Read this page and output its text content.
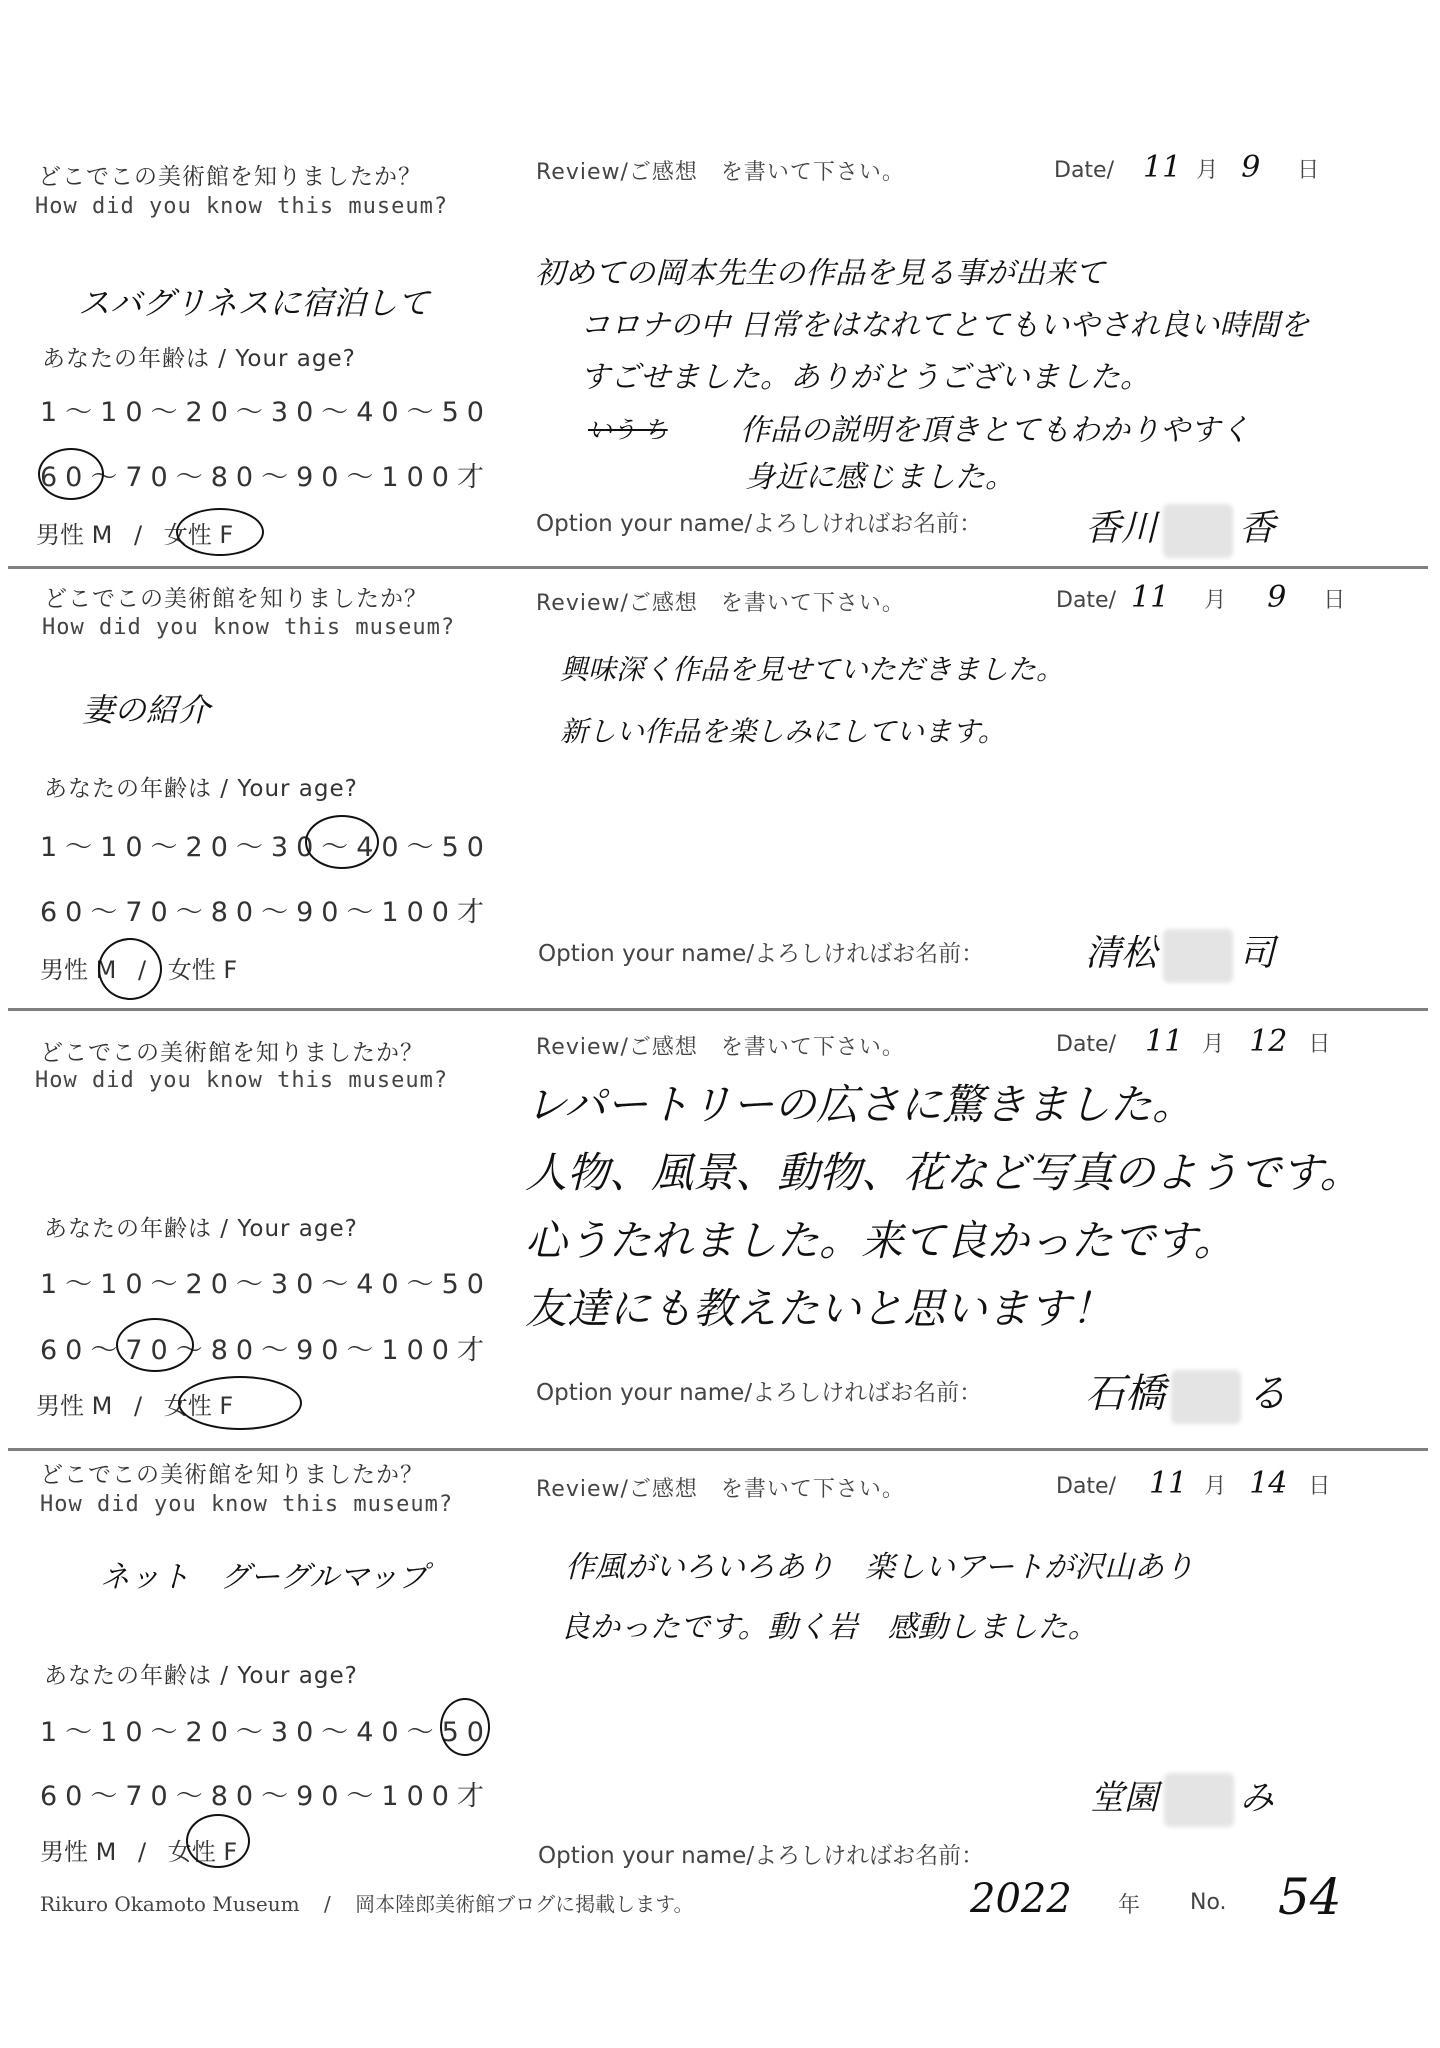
どこでこの美術館を知りましたか？
How did you know this museum?
スバグリネスに宿泊して
あなたの年齢は / Your age?
1〜10〜20〜30〜40〜50
60〜70〜80〜90〜100才
男性 M / 女性 F
Review/ご感想　を書いて下さい。	Date/ 11 月 9 日
初めての岡本先生の作品を見る事が出来て
コロナの中 日常をはなれてとてもいやされ良い時間を
すごせました。ありがとうございました。
いう ち 作品の説明を頂きとてもわかりやすく
身近に感じました。
Option your name/よろしければお名前：	香川 香
どこでこの美術館を知りましたか？
How did you know this museum?
妻の紹介
あなたの年齢は / Your age?
1〜10〜20〜30〜40〜50
60〜70〜80〜90〜100才
男性 M / 女性 F
Review/ご感想　を書いて下さい。	Date/ 11 月 9 日
興味深く作品を見せていただきました。
新しい作品を楽しみにしています。
Option your name/よろしければお名前：	清松 司
どこでこの美術館を知りましたか？
How did you know this museum?
あなたの年齢は / Your age?
1〜10〜20〜30〜40〜50
60〜70〜80〜90〜100才
男性 M / 女性 F
Review/ご感想　を書いて下さい。	Date/ 11 月 12 日
レパートリーの広さに驚きました。
人物、風景、動物、花など写真のようです。
心うたれました。来て良かったです。
友達にも教えたいと思います！
Option your name/よろしければお名前：	石橋 る
どこでこの美術館を知りましたか？
How did you know this museum?
ネット　グーグルマップ
あなたの年齢は / Your age?
1〜10〜20〜30〜40〜50
60〜70〜80〜90〜100才
男性 M / 女性 F
Review/ご感想　を書いて下さい。	Date/ 11 月 14 日
作風がいろいろあり　楽しいアートが沢山あり
良かったです。動く岩　感動しました。
Option your name/よろしければお名前：
堂園 み
Rikuro Okamoto Museum / 岡本陸郎美術館ブログに掲載します。	2022 年 No. 54
